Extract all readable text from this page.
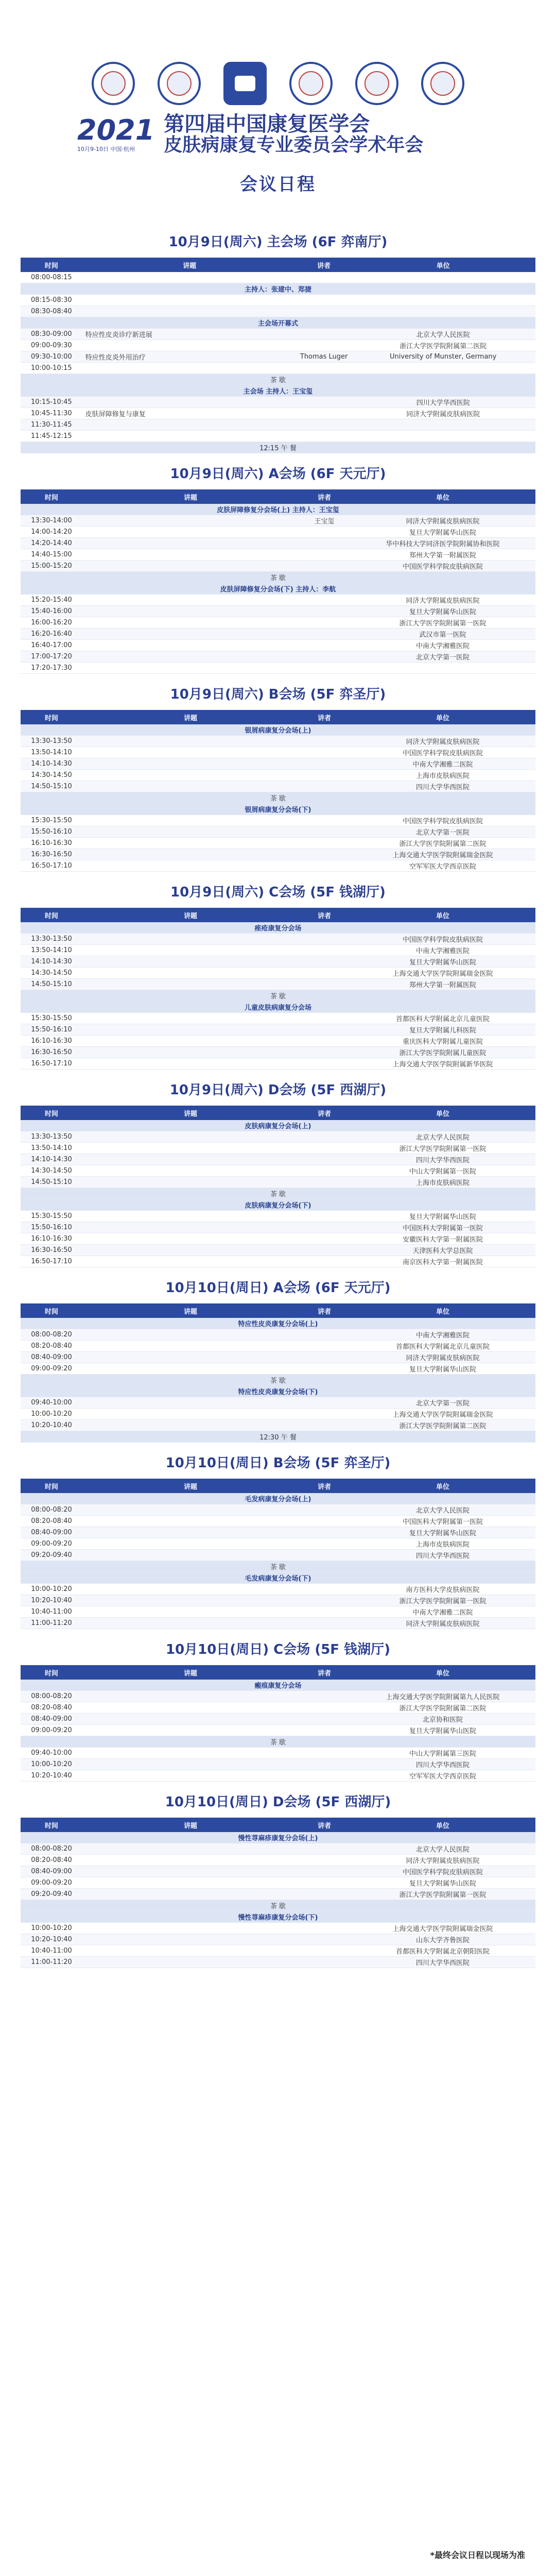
2021
10月9-10日 中国·杭州
第四届中国康复医学会
皮肤病康复专业委员会学术年会
会议日程
10月9日(周六) 主会场 (6F 弈南厅)
时间	讲题	讲者	单位
08:00-08:15			
主持人：张建中、郑捷			
08:15-08:30			
08:30-08:40			
主会场开幕式			
08:30-09:00	特应性皮炎诊疗新进展		北京大学人民医院
09:00-09:30			浙江大学医学院附属第二医院
09:30-10:00	特应性皮炎外用治疗	Thomas Luger	University of Munster, Germany
10:00-10:15			
茶 歇			
主会场 主持人：王宝玺			
10:15-10:45			四川大学华西医院
10:45-11:30	皮肤屏障修复与康复		同济大学附属皮肤病医院
11:30-11:45			
11:45-12:15			
12:15 午 餐			
10月9日(周六) A会场 (6F 天元厅)
时间	讲题	讲者	单位
皮肤屏障修复分会场(上) 主持人：王宝玺			
13:30-14:00		王宝玺	同济大学附属皮肤病医院
14:00-14:20			复旦大学附属华山医院
14:20-14:40			华中科技大学同济医学院附属协和医院
14:40-15:00			郑州大学第一附属医院
15:00-15:20			中国医学科学院皮肤病医院
茶 歇			
皮肤屏障修复分会场(下) 主持人：李航			
15:20-15:40			同济大学附属皮肤病医院
15:40-16:00			复旦大学附属华山医院
16:00-16:20			浙江大学医学院附属第一医院
16:20-16:40			武汉市第一医院
16:40-17:00			中南大学湘雅医院
17:00-17:20			北京大学第一医院
17:20-17:30			
10月9日(周六) B会场 (5F 弈圣厅)
时间	讲题	讲者	单位
银屑病康复分会场(上)			
13:30-13:50			同济大学附属皮肤病医院
13:50-14:10			中国医学科学院皮肤病医院
14:10-14:30			中南大学湘雅二医院
14:30-14:50			上海市皮肤病医院
14:50-15:10			四川大学华西医院
茶 歇			
银屑病康复分会场(下)			
15:30-15:50			中国医学科学院皮肤病医院
15:50-16:10			北京大学第一医院
16:10-16:30			浙江大学医学院附属第二医院
16:30-16:50			上海交通大学医学院附属瑞金医院
16:50-17:10			空军军医大学西京医院
10月9日(周六) C会场 (5F 钱湖厅)
时间	讲题	讲者	单位
痤疮康复分会场			
13:30-13:50			中国医学科学院皮肤病医院
13:50-14:10			中南大学湘雅医院
14:10-14:30			复旦大学附属华山医院
14:30-14:50			上海交通大学医学院附属瑞金医院
14:50-15:10			郑州大学第一附属医院
茶 歇			
儿童皮肤病康复分会场			
15:30-15:50			首都医科大学附属北京儿童医院
15:50-16:10			复旦大学附属儿科医院
16:10-16:30			重庆医科大学附属儿童医院
16:30-16:50			浙江大学医学院附属儿童医院
16:50-17:10			上海交通大学医学院附属新华医院
10月9日(周六) D会场 (5F 西湖厅)
时间	讲题	讲者	单位
皮肤病康复分会场(上)			
13:30-13:50			北京大学人民医院
13:50-14:10			浙江大学医学院附属第一医院
14:10-14:30			四川大学华西医院
14:30-14:50			中山大学附属第一医院
14:50-15:10			上海市皮肤病医院
茶 歇			
皮肤病康复分会场(下)			
15:30-15:50			复旦大学附属华山医院
15:50-16:10			中国医科大学附属第一医院
16:10-16:30			安徽医科大学第一附属医院
16:30-16:50			天津医科大学总医院
16:50-17:10			南京医科大学第一附属医院
10月10日(周日) A会场 (6F 天元厅)
时间	讲题	讲者	单位
特应性皮炎康复分会场(上)			
08:00-08:20			中南大学湘雅医院
08:20-08:40			首都医科大学附属北京儿童医院
08:40-09:00			同济大学附属皮肤病医院
09:00-09:20			复旦大学附属华山医院
茶 歇			
特应性皮炎康复分会场(下)			
09:40-10:00			北京大学第一医院
10:00-10:20			上海交通大学医学院附属瑞金医院
10:20-10:40			浙江大学医学院附属第二医院
12:30 午 餐			
10月10日(周日) B会场 (5F 弈圣厅)
时间	讲题	讲者	单位
毛发病康复分会场(上)			
08:00-08:20			北京大学人民医院
08:20-08:40			中国医科大学附属第一医院
08:40-09:00			复旦大学附属华山医院
09:00-09:20			上海市皮肤病医院
09:20-09:40			四川大学华西医院
茶 歇			
毛发病康复分会场(下)			
10:00-10:20			南方医科大学皮肤病医院
10:20-10:40			浙江大学医学院附属第一医院
10:40-11:00			中南大学湘雅二医院
11:00-11:20			同济大学附属皮肤病医院
10月10日(周日) C会场 (5F 钱湖厅)
时间	讲题	讲者	单位
瘢痕康复分会场			
08:00-08:20			上海交通大学医学院附属第九人民医院
08:20-08:40			浙江大学医学院附属第二医院
08:40-09:00			北京协和医院
09:00-09:20			复旦大学附属华山医院
茶 歇			
09:40-10:00			中山大学附属第三医院
10:00-10:20			四川大学华西医院
10:20-10:40			空军军医大学西京医院
10月10日(周日) D会场 (5F 西湖厅)
时间	讲题	讲者	单位
慢性荨麻疹康复分会场(上)			
08:00-08:20			北京大学人民医院
08:20-08:40			同济大学附属皮肤病医院
08:40-09:00			中国医学科学院皮肤病医院
09:00-09:20			复旦大学附属华山医院
09:20-09:40			浙江大学医学院附属第一医院
茶 歇			
慢性荨麻疹康复分会场(下)			
10:00-10:20			上海交通大学医学院附属瑞金医院
10:20-10:40			山东大学齐鲁医院
10:40-11:00			首都医科大学附属北京朝阳医院
11:00-11:20			四川大学华西医院
*最终会议日程以现场为准
